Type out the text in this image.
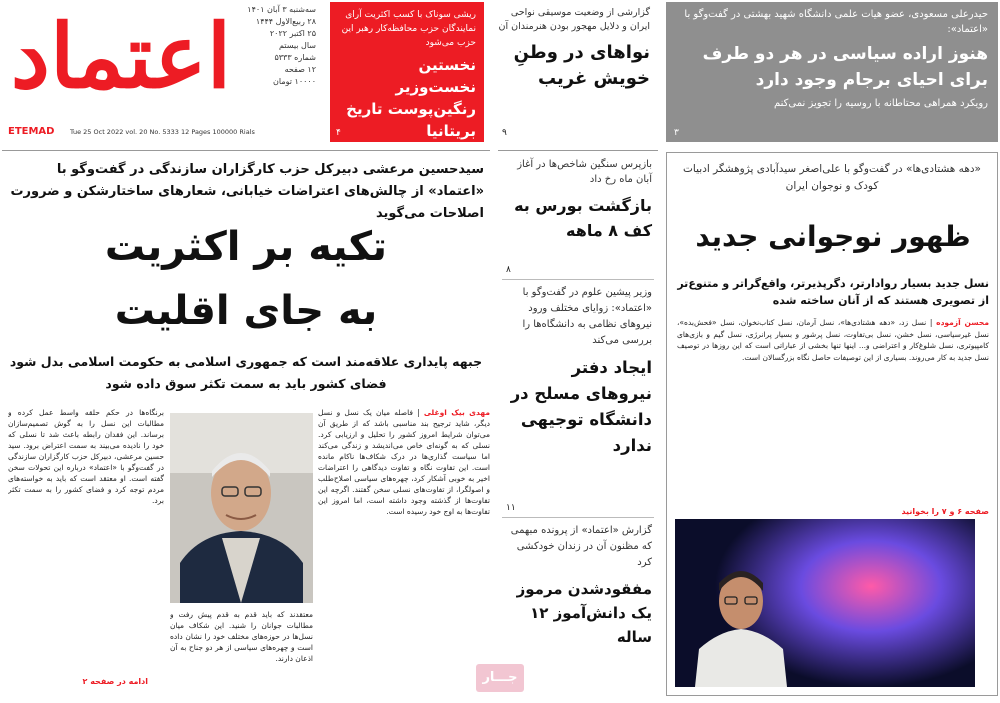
اعتماد	سه‌شنبه ۳ آبان ۱۴۰۱
۲۸ ربیع‌الاول ۱۴۴۴
۲۵ اکتبر ۲۰۲۲
سال بیستم
شماره ۵۳۳۳
۱۲ صفحه
۱۰۰۰۰ تومان
ETEMAD	Tue 25 Oct 2022 vol. 20 No. 5333 12 Pages 100000 Rials
ریشی سوناک با کسب اکثریت آرای نمایندگان حزب محافظه‌کار رهبر این حزب می‌شود
نخستین نخست‌وزیر رنگین‌پوست تاریخ بریتانیا
۴
گزارشی از وضعیت موسیقی نواحی ایران و دلایل مهجور بودن هنرمندان آن
نواهای در وطنِ خویش غریب
۹
حیدرعلی مسعودی، عضو هیات علمی دانشگاه شهید بهشتی در گفت‌وگو با «اعتماد»:
هنوز اراده سیاسی در هر دو طرف برای احیای برجام وجود دارد
رویکرد همراهی محتاطانه با روسیه را تجویز نمی‌کنم
۳
سیدحسین مرعشی دبیرکل حزب کارگزاران سازندگی در گفت‌وگو با «اعتماد» از چالش‌های اعتراضات خیابانی، شعارهای ساختارشکن و ضرورت اصلاحات می‌گوید
تکیه بر اکثریت
به جای اقلیت
جبهه پایداری علاقه‌مند است که جمهوری اسلامی به حکومت اسلامی بدل شود
فضای کشور باید به سمت تکثر سوق داده شود
مهدی بیک اوغلی | فاصله میان یک نسل و نسل دیگر، شاید ترجیح بند مناسبی باشد که از طریق آن می‌توان شرایط امروز کشور را تحلیل و ارزیابی کرد. نسلی که به گونه‌ای خاص می‌اندیشد و زندگی می‌کند اما سیاست گذاری‌ها در درک شکاف‌ها ناکام مانده است. این تفاوت نگاه و تفاوت دیدگاهی را اعتراضات اخیر به خوبی آشکار کرد، چهره‌های سیاسی اصلاح‌طلب و اصولگرا، از تفاوت‌های نسلی سخن گفتند. اگرچه این تفاوت‌ها از گذشته وجود داشته است، اما امروز این تفاوت‌ها به اوج خود رسیده است.
برنگاه‌ها در حکم حلقه واسط عمل کرده و مطالبات این نسل را به گوش تصمیم‌سازان برساند. این فقدان رابطه باعث شد تا نسلی که خود را نادیده می‌بیند به سمت اعتراض برود. سید حسین مرعشی، دبیرکل حزب کارگزاران سازندگی در گفت‌وگو با «اعتماد» درباره این تحولات سخن گفته است. او معتقد است که باید به خواسته‌های مردم توجه کرد و فضای کشور را به سمت تکثر برد.
معتقدند که باید قدم به قدم پیش رفت و مطالبات جوانان را شنید. این شکاف میان نسل‌ها در حوزه‌های مختلف خود را نشان داده است و چهره‌های سیاسی از هر دو جناح به آن اذعان دارند.
ادامه در صفحه ۲
بازپرس سنگین شاخص‌ها در آغاز آبان ماه رخ داد
بازگشت بورس به کف ۸ ماهه
۸
وزیر پیشین علوم در گفت‌وگو با «اعتماد»: زوایای مختلف ورود نیروهای نظامی به دانشگاه‌ها را بررسی می‌کند
ایجاد دفتر نیروهای مسلح در دانشگاه توجیهی ندارد
۱۱
گزارش «اعتماد» از پرونده مبهمی که مظنون آن در زندان خودکشی کرد
مفقودشدن مرموز یک دانش‌آموز ۱۲ ساله
«دهه هشتادی‌ها» در گفت‌وگو با علی‌اصغر سیدآبادی پژوهشگر ادبیات کودک و نوجوان ایران
ظهور نوجوانی جدید
نسل جدید بسیار روادارتر، دگرپذیرتر، واقع‌گراتر و متنوع‌تر از تصویری هستند که از آنان ساخته شده
محسن آزموده | نسل زد، «دهه هشتادی‌ها»، نسل آرمان، نسل کتاب‌نخوان، نسل «فحش‌بده»، نسل غیرسیاسی، نسل خشن، نسل بی‌تفاوت، نسل پرشور و بسیار پرانرژی، نسل گیم و بازی‌های کامپیوتری، نسل شلوغ‌کار و اعتراضی و... اینها تنها بخشی از عباراتی است که این روزها در توصیف نسل جدید به کار می‌روند. بسیاری از این توصیفات حاصل نگاه بزرگسالان است.
صفحه ۶ و ۷ را بخوانید
جـــار
